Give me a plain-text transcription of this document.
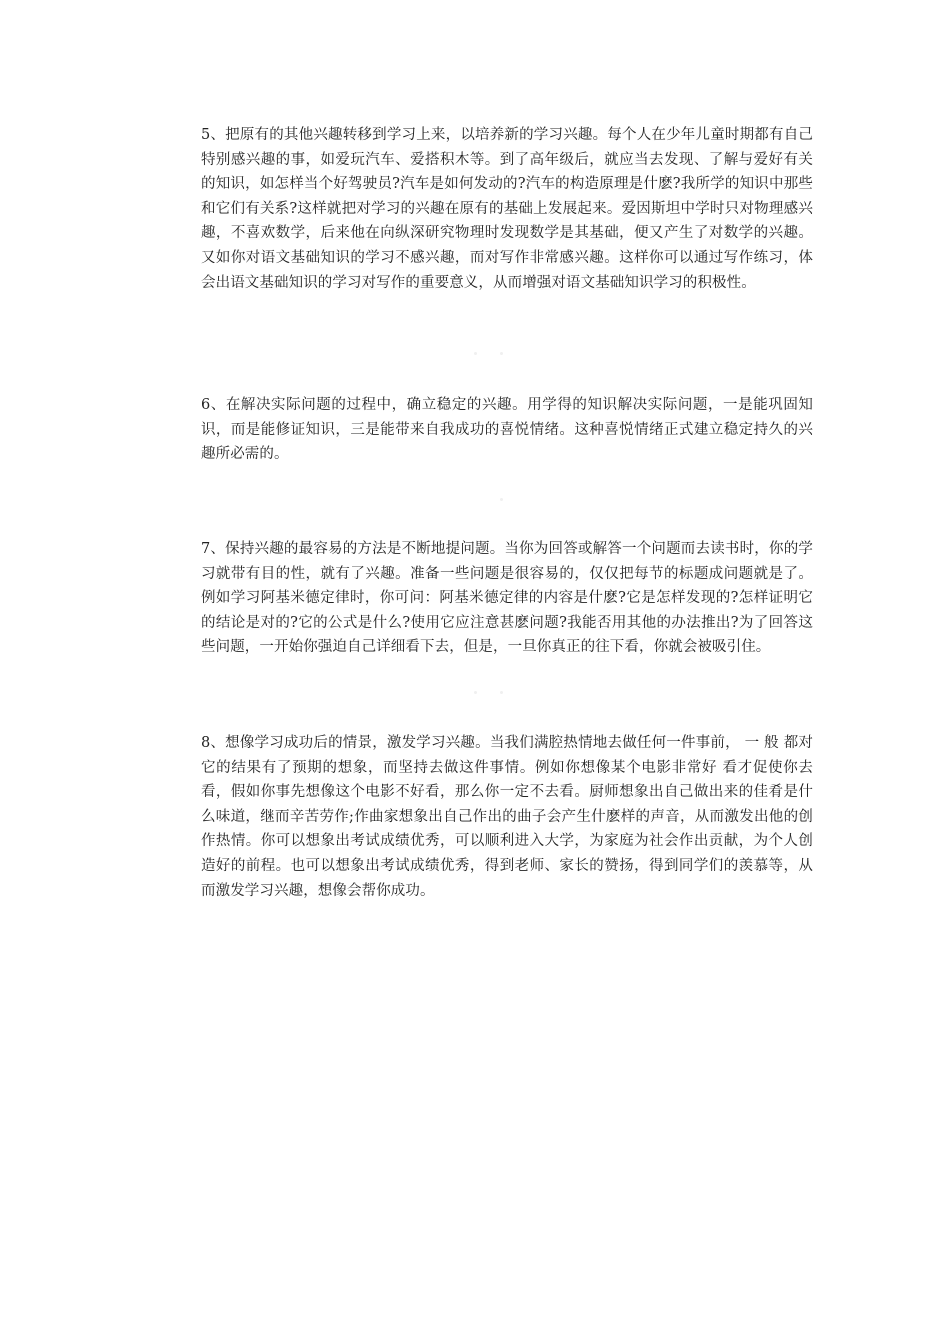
5、把原有的其他兴趣转移到学习上来，以培养新的学习兴趣。每个人在少年儿童时期都有自己特别感兴趣的事，如爱玩汽车、爱搭积木等。到了高年级后，就应当去发现、了解与爱好有关的知识，如怎样当个好驾驶员?汽车是如何发动的?汽车的构造原理是什麽?我所学的知识中那些和它们有关系?这样就把对学习的兴趣在原有的基础上发展起来。爱因斯坦中学时只对物理感兴趣，不喜欢数学，后来他在向纵深研究物理时发现数学是其基础，便又产生了对数学的兴趣。又如你对语文基础知识的学习不感兴趣，而对写作非常感兴趣。这样你可以通过写作练习，体会出语文基础知识的学习对写作的重要意义，从而增强对语文基础知识学习的积极性。

6、在解决实际问题的过程中，确立稳定的兴趣。用学得的知识解决实际问题，一是能巩固知识，而是能修证知识，三是能带来自我成功的喜悦情绪。这种喜悦情绪正式建立稳定持久的兴趣所必需的。

7、保持兴趣的最容易的方法是不断地提问题。当你为回答或解答一个问题而去读书时，你的学习就带有目的性，就有了兴趣。准备一些问题是很容易的，仅仅把每节的标题成问题就是了。例如学习阿基米德定律时，你可问：阿基米德定律的内容是什麽?它是怎样发现的?怎样证明它的结论是对的?它的公式是什么?使用它应注意甚麽问题?我能否用其他的办法推出?为了回答这些问题，一开始你强迫自己详细看下去，但是，一旦你真正的往下看，你就会被吸引住。

8、想像学习成功后的情景，激发学习兴趣。当我们满腔热情地去做任何一件事前， 一 般 都对它的结果有了预期的想象，而坚持去做这件事情。例如你想像某个电影非常好 看才促使你去看，假如你事先想像这个电影不好看，那么你一定不去看。厨师想象出自己做出来的佳肴是什么味道，继而辛苦劳作;作曲家想象出自己作出的曲子会产生什麽样的声音，从而激发出他的创作热情。你可以想象出考试成绩优秀，可以顺利进入大学，为家庭为社会作出贡献，为个人创造好的前程。也可以想象出考试成绩优秀，得到老师、家长的赞扬，得到同学们的羡慕等，从而激发学习兴趣，想像会帮你成功。
